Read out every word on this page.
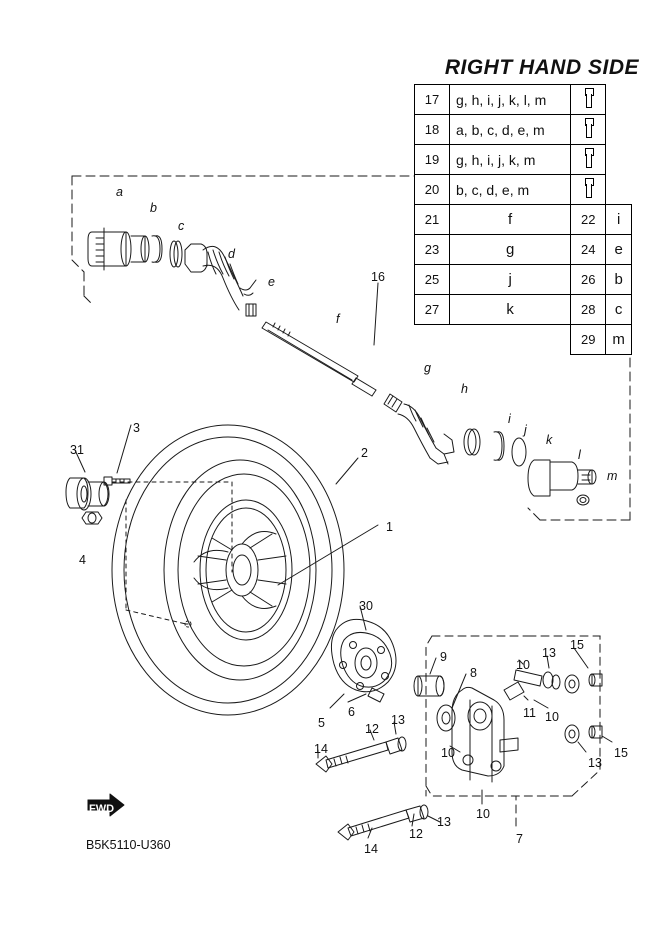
RIGHT HAND SIDE
17	g, h, i, j, k, l, m		
18	a, b, c, d, e, m		
19	g, h, i, j, k, m		
20	b, c, d, e, m		
21	f	22	i
23	g	24	e
25	j	26	b
27	k	28	c
		29	m
a
b
c
d
e
f
g
h
i
j
k
l
m
16
31
3
4
2
1
30
5
6
9
8
10
13
15
11 10
10
10
13
15
7
12
13
14
12
13
14
FWD
B5K5110-U360
